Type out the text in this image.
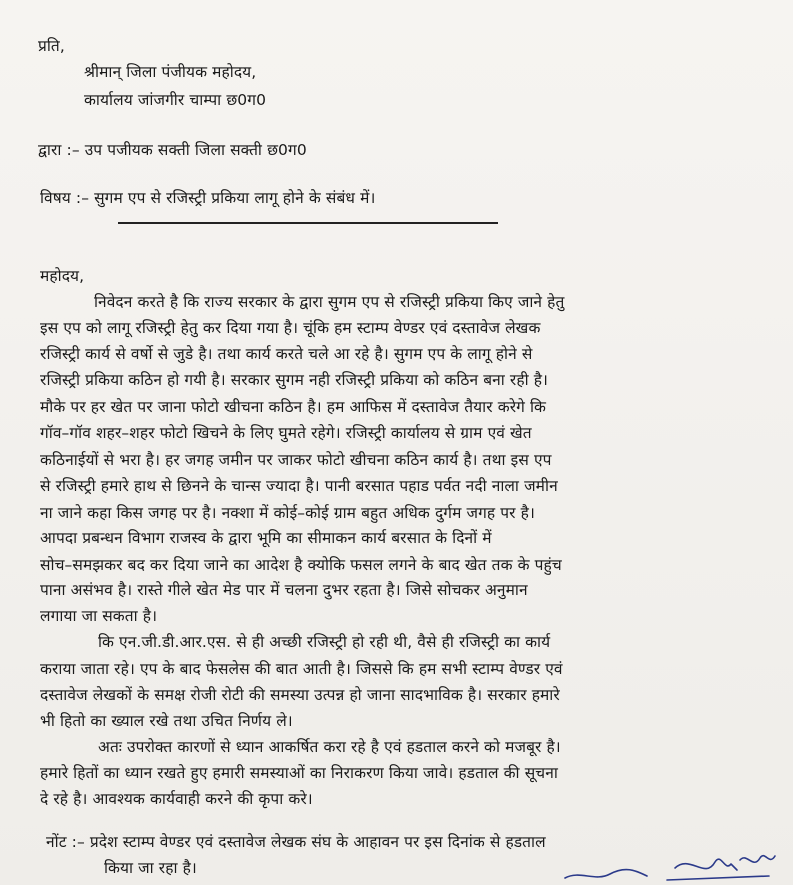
प्रति,
श्रीमान् जिला पंजीयक महोदय,
कार्यालय जांजगीर चाम्पा छ0ग0
द्वारा :– उप पजीयक सक्ती जिला सक्ती छ0ग0
विषय :– सुगम एप से रजिस्ट्री प्रकिया लागू होने के संबंध में।
महोदय,
निवेदन करते है कि राज्य सरकार के द्वारा सुगम एप से रजिस्ट्री प्रकिया किए जाने हेतु
इस एप को लागू रजिस्ट्री हेतु कर दिया गया है। चूंकि हम स्टाम्प वेण्डर एवं दस्तावेज लेखक
रजिस्ट्री कार्य से वर्षो से जुडे है। तथा कार्य करते चले आ रहे है। सुगम एप के लागू होने से
रजिस्ट्री प्रकिया कठिन हो गयी है। सरकार सुगम नही रजिस्ट्री प्रकिया को कठिन बना रही है।
मौके पर हर खेत पर जाना फोटो खीचना कठिन है। हम आफिस में दस्तावेज तैयार करेगे कि
गॉव–गॉव शहर–शहर फोटो खिचने के लिए घुमते रहेगे। रजिस्ट्री कार्यालय से ग्राम एवं खेत
कठिनाईयों से भरा है। हर जगह जमीन पर जाकर फोटो खीचना कठिन कार्य है। तथा इस एप
से रजिस्ट्री हमारे हाथ से छिनने के चान्स ज्यादा है। पानी बरसात पहाड पर्वत नदी नाला जमीन
ना जाने कहा किस जगह पर है। नक्शा में कोई–कोई ग्राम बहुत अधिक दुर्गम जगह पर है।
आपदा प्रबन्धन विभाग राजस्व के द्वारा भूमि का सीमाकन कार्य बरसात के दिनों में
सोच–समझकर बद कर दिया जाने का आदेश है क्योकि फसल लगने के बाद खेत तक के पहुंच
पाना असंभव है। रास्ते गीले खेत मेड पार में चलना दुभर रहता है। जिसे सोचकर अनुमान
लगाया जा सकता है।
कि एन.जी.डी.आर.एस. से ही अच्छी रजिस्ट्री हो रही थी, वैसे ही रजिस्ट्री का कार्य
कराया जाता रहे। एप के बाद फेसलेस की बात आती है। जिससे कि हम सभी स्टाम्प वेण्डर एवं
दस्तावेज लेखकों के समक्ष रोजी रोटी की समस्या उत्पन्न हो जाना सादभाविक है। सरकार हमारे
भी हितो का ख्याल रखे तथा उचित निर्णय ले।
अतः उपरोक्त कारणों से ध्यान आकर्षित करा रहे है एवं हडताल करने को मजबूर है।
हमारे हितों का ध्यान रखते हुए हमारी समस्याओं का निराकरण किया जावे। हडताल की सूचना
दे रहे है। आवश्यक कार्यवाही करने की कृपा करे।
नोंट :– प्रदेश स्टाम्प वेण्डर एवं दस्तावेज लेखक संघ के आहावन पर इस दिनांक से हडताल
किया जा रहा है।
